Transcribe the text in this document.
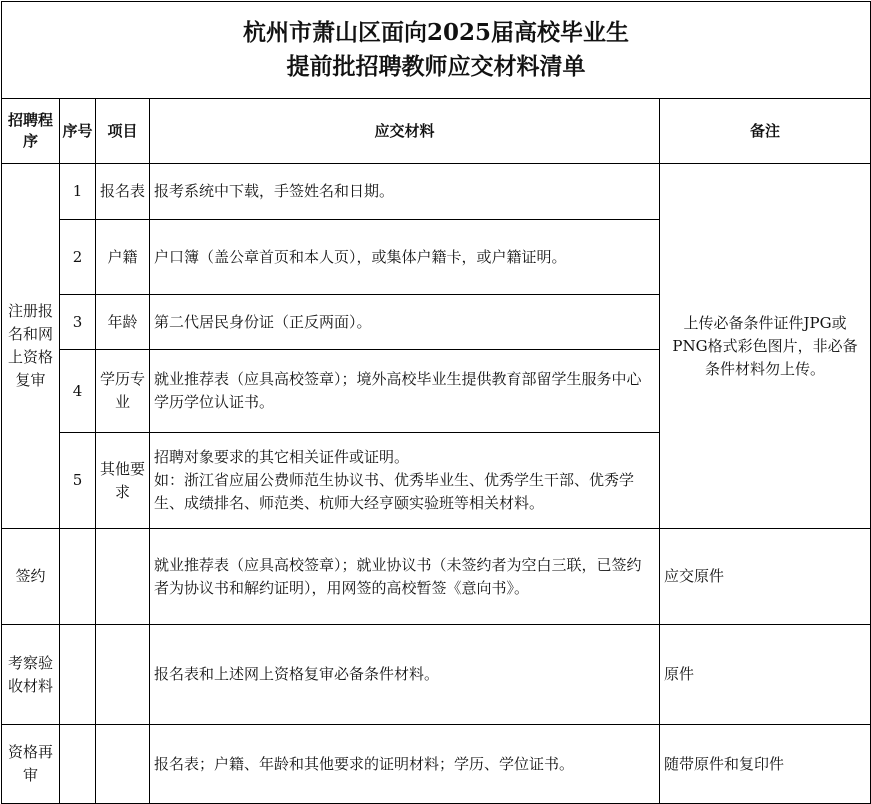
杭州市萧山区面向2025届高校毕业生
提前批招聘教师应交材料清单				

招聘程序	序号	项目	应交材料	备注
注册报名和网上资格复审	1	报名表	报考系统中下载，手签姓名和日期。	上传必备条件证件JPG或PNG格式彩色图片，非必备条件材料勿上传。
	2	户籍	户口簿（盖公章首页和本人页），或集体户籍卡，或户籍证明。	
	3	年龄	第二代居民身份证（正反两面）。	
	4	学历专业	就业推荐表（应具高校签章）；境外高校毕业生提供教育部留学生服务中心学历学位认证书。	
	5	其他要求	招聘对象要求的其它相关证件或证明。
如：浙江省应届公费师范生协议书、优秀毕业生、优秀学生干部、优秀学生、成绩排名、师范类、杭师大经亨颐实验班等相关材料。	

签约			就业推荐表（应具高校签章）；就业协议书（未签约者为空白三联，已签约者为协议书和解约证明），用网签的高校暂签《意向书》。	应交原件
考察验收材料			报名表和上述网上资格复审必备条件材料。	原件
资格再审			报名表；户籍、年龄和其他要求的证明材料；学历、学位证书。	随带原件和复印件
